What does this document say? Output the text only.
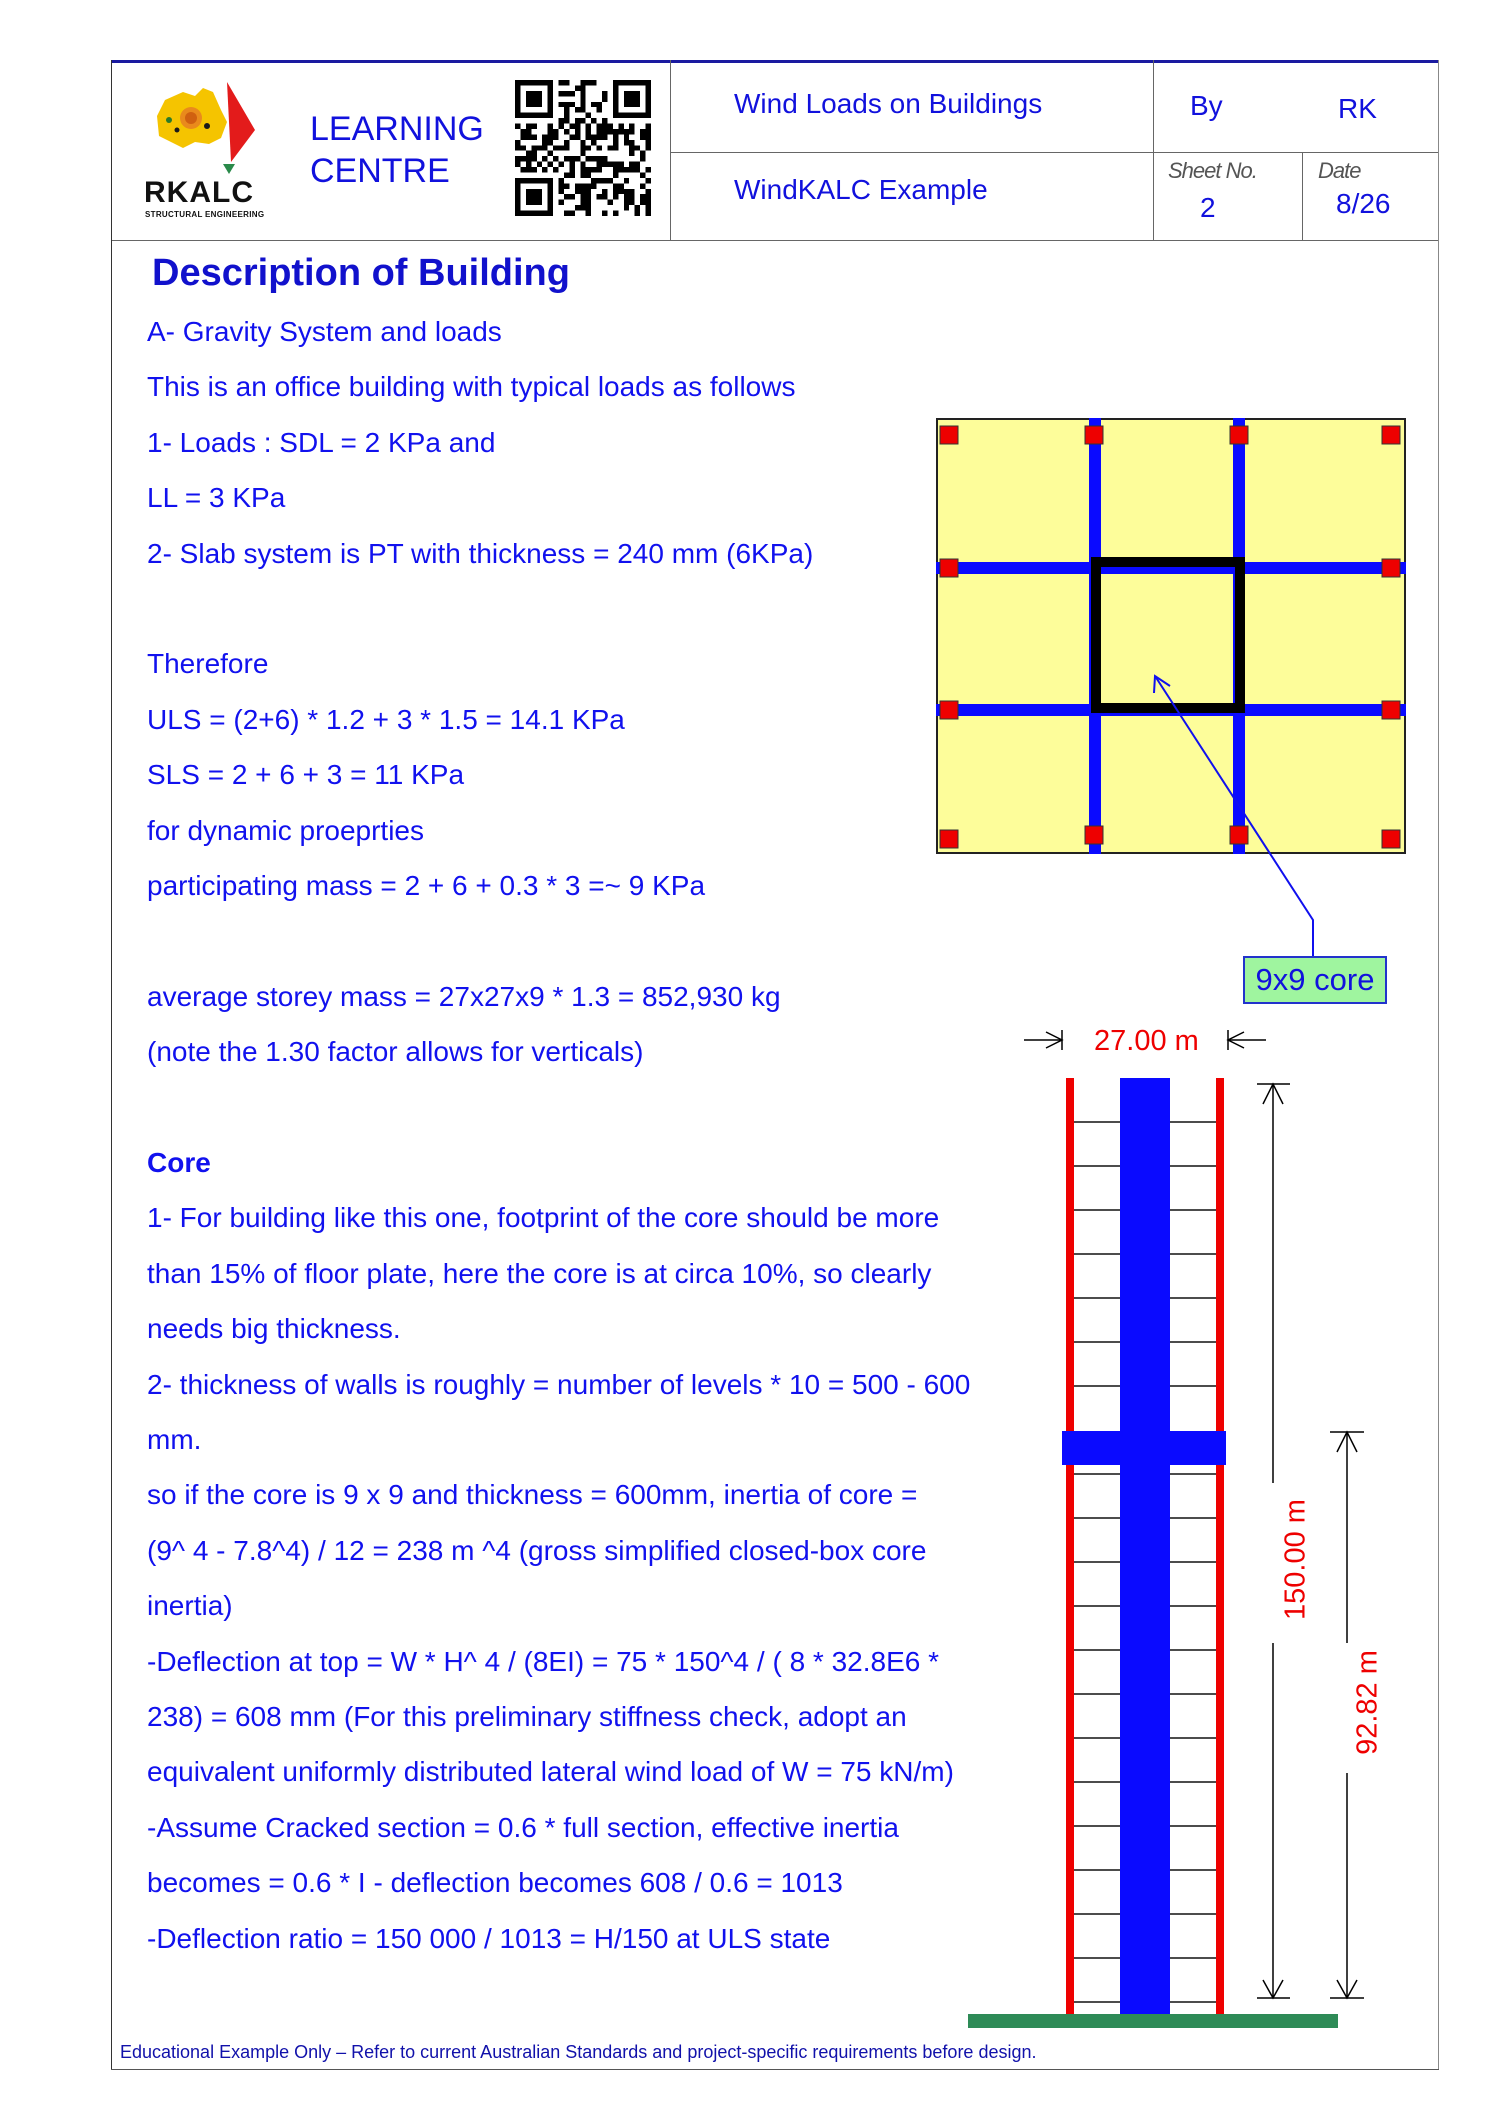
RKALC
STRUCTURAL ENGINEERING
LEARNING
CENTRE
Wind Loads on Buildings
WindKALC Example
By	RK
Sheet No.
2
Date
8/26
Description of Building
A- Gravity System and loads
This is an office building with typical loads as follows
1- Loads : SDL = 2 KPa and
LL = 3 KPa
2- Slab system is PT with thickness = 240 mm (6KPa)
Therefore
ULS = (2+6) * 1.2 + 3 * 1.5 = 14.1 KPa
SLS = 2 + 6 + 3 = 11 KPa
for dynamic proeprties
participating mass = 2 + 6 + 0.3 * 3 =~ 9 KPa
average storey mass = 27x27x9 * 1.3 = 852,930 kg
(note the 1.30 factor allows for verticals)
Core
1- For building like this one, footprint of the core should be more
than 15% of floor plate, here the core is at circa 10%, so clearly
needs big thickness.
2- thickness of walls is roughly = number of levels * 10 = 500 - 600
mm.
so if the core is 9 x 9 and thickness = 600mm, inertia of core =
(9^ 4 - 7.8^4) / 12 = 238 m ^4 (gross simplified closed-box core
inertia)
-Deflection at top = W * H^ 4 / (8EI) = 75 * 150^4 / ( 8 * 32.8E6 *
238) = 608 mm (For this preliminary stiffness check, adopt an
equivalent uniformly distributed lateral wind load of W = 75 kN/m)
-Assume Cracked section = 0.6 * full section, effective inertia
becomes = 0.6 * I - deflection becomes 608 / 0.6 = 1013
-Deflection ratio = 150 000 / 1013 = H/150 at ULS state
9x9 core
27.00 m
150.00 m
92.82 m
Educational Example Only – Refer to current Australian Standards and project-specific requirements before design.
